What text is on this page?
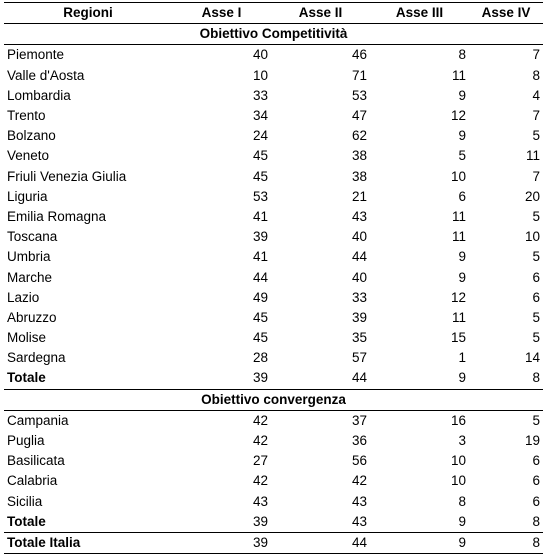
Regioni	Asse I	Asse II	Asse III	Asse IV
Obiettivo Competitività				
Piemonte	40	46	8	7
Valle d'Aosta	10	71	11	8
Lombardia	33	53	9	4
Trento	34	47	12	7
Bolzano	24	62	9	5
Veneto	45	38	5	11
Friuli Venezia Giulia	45	38	10	7
Liguria	53	21	6	20
Emilia Romagna	41	43	11	5
Toscana	39	40	11	10
Umbria	41	44	9	5
Marche	44	40	9	6
Lazio	49	33	12	6
Abruzzo	45	39	11	5
Molise	45	35	15	5
Sardegna	28	57	1	14
Totale	39	44	9	8
Obiettivo convergenza				
Campania	42	37	16	5
Puglia	42	36	3	19
Basilicata	27	56	10	6
Calabria	42	42	10	6
Sicilia	43	43	8	6
Totale	39	43	9	8
Totale Italia	39	44	9	8
